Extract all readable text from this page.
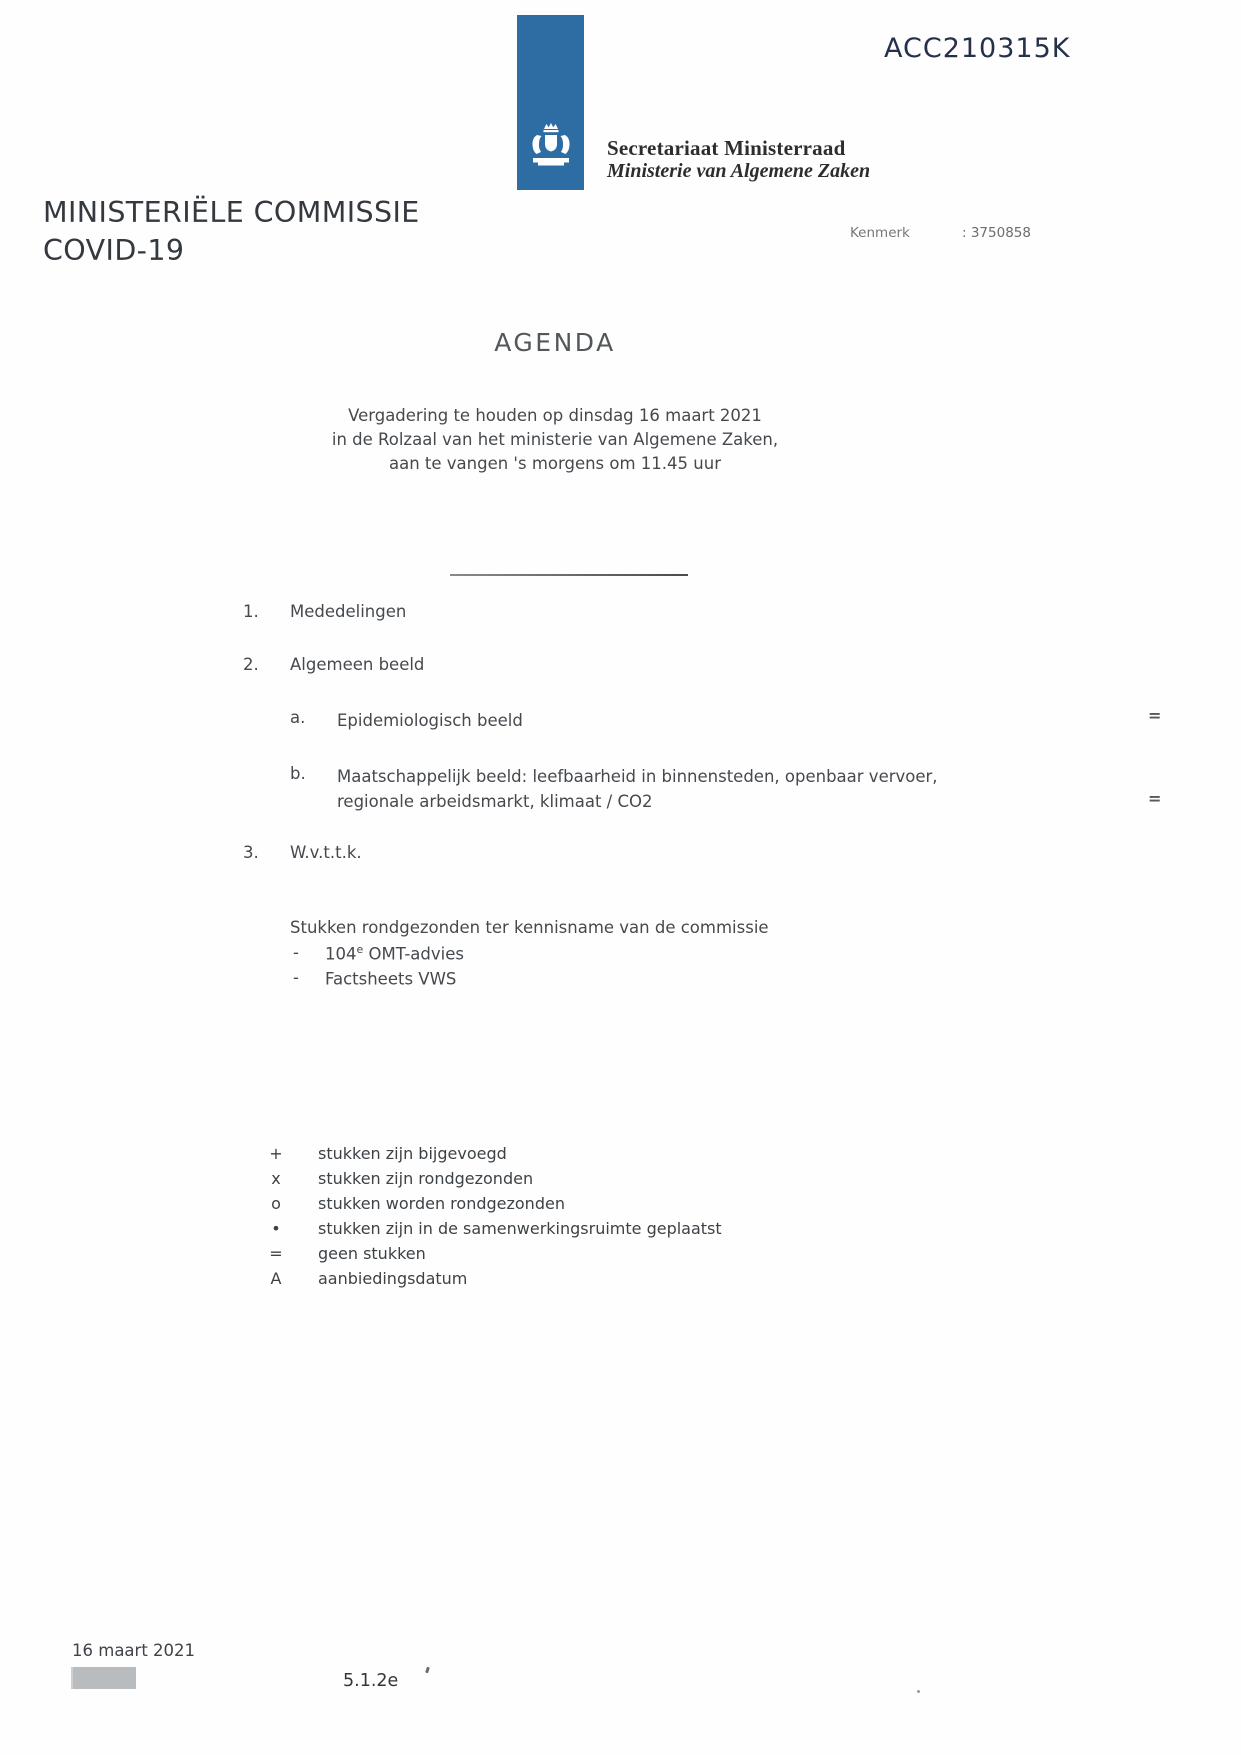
Secretariaat Ministerraad
Ministerie van Algemene Zaken
ACC210315K
MINISTERIËLE COMMISSIE
COVID-19
Kenmerk	: 3750858
AGENDA
Vergadering te houden op dinsdag 16 maart 2021
in de Rolzaal van het ministerie van Algemene Zaken,
aan te vangen 's morgens om 11.45 uur
1. Mededelingen
2. Algemeen beeld
a. Epidemiologisch beeld	=
b. Maatschappelijk beeld: leefbaarheid in binnensteden, openbaar vervoer,
regionale arbeidsmarkt, klimaat / CO2	=
3. W.v.t.t.k.
Stukken rondgezonden ter kennisname van de commissie
- 104e OMT-advies
- Factsheets VWS
+	stukken zijn bijgevoegd
x	stukken zijn rondgezonden
o	stukken worden rondgezonden
•	stukken zijn in de samenwerkingsruimte geplaatst
=	geen stukken
A	aanbiedingsdatum
16 maart 2021
5.1.2e
